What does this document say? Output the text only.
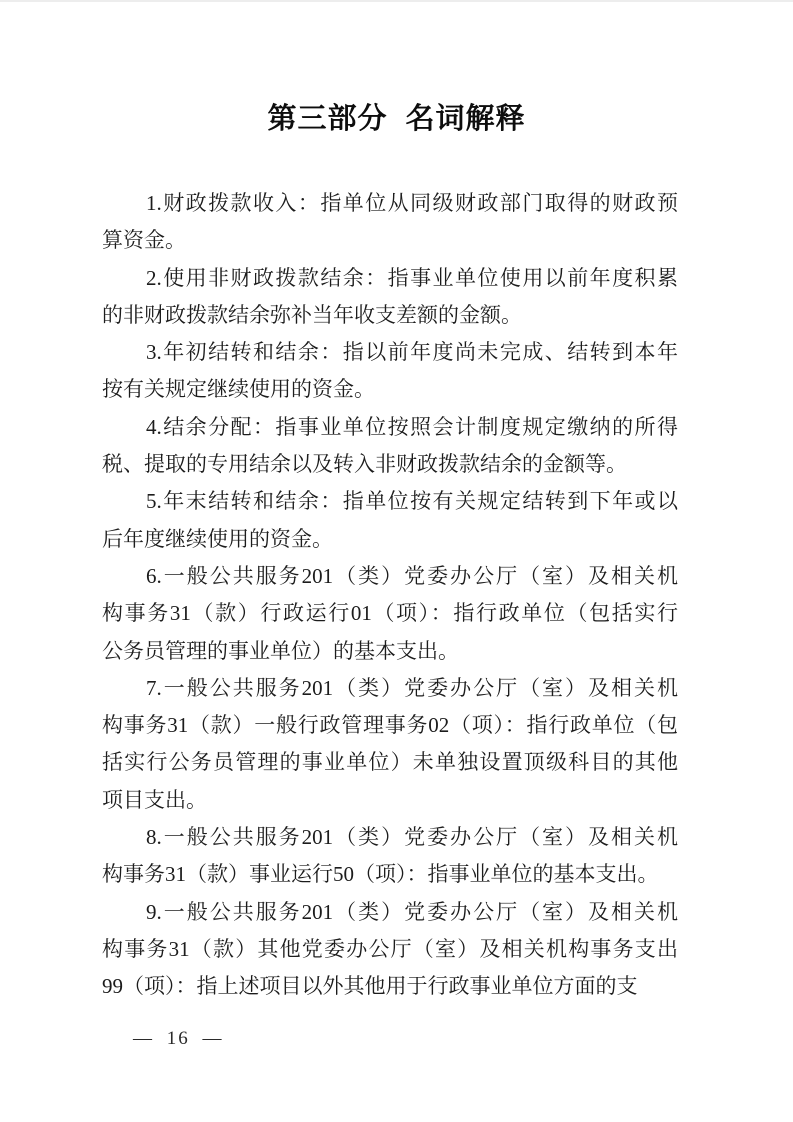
第三部分  名词解释
1.财政拨款收入：指单位从同级财政部门取得的财政预
算资金。
2.使用非财政拨款结余：指事业单位使用以前年度积累
的非财政拨款结余弥补当年收支差额的金额。
3.年初结转和结余：指以前年度尚未完成、结转到本年
按有关规定继续使用的资金。
4.结余分配：指事业单位按照会计制度规定缴纳的所得
税、提取的专用结余以及转入非财政拨款结余的金额等。
5.年末结转和结余：指单位按有关规定结转到下年或以
后年度继续使用的资金。
6.一般公共服务201（类）党委办公厅（室）及相关机
构事务31（款）行政运行01（项）：指行政单位（包括实行
公务员管理的事业单位）的基本支出。
7.一般公共服务201（类）党委办公厅（室）及相关机
构事务31（款）一般行政管理事务02（项）：指行政单位（包
括实行公务员管理的事业单位）未单独设置顶级科目的其他
项目支出。
8.一般公共服务201（类）党委办公厅（室）及相关机
构事务31（款）事业运行50（项）：指事业单位的基本支出。
9.一般公共服务201（类）党委办公厅（室）及相关机
构事务31（款）其他党委办公厅（室）及相关机构事务支出
99（项）：指上述项目以外其他用于行政事业单位方面的支
— 16 —
